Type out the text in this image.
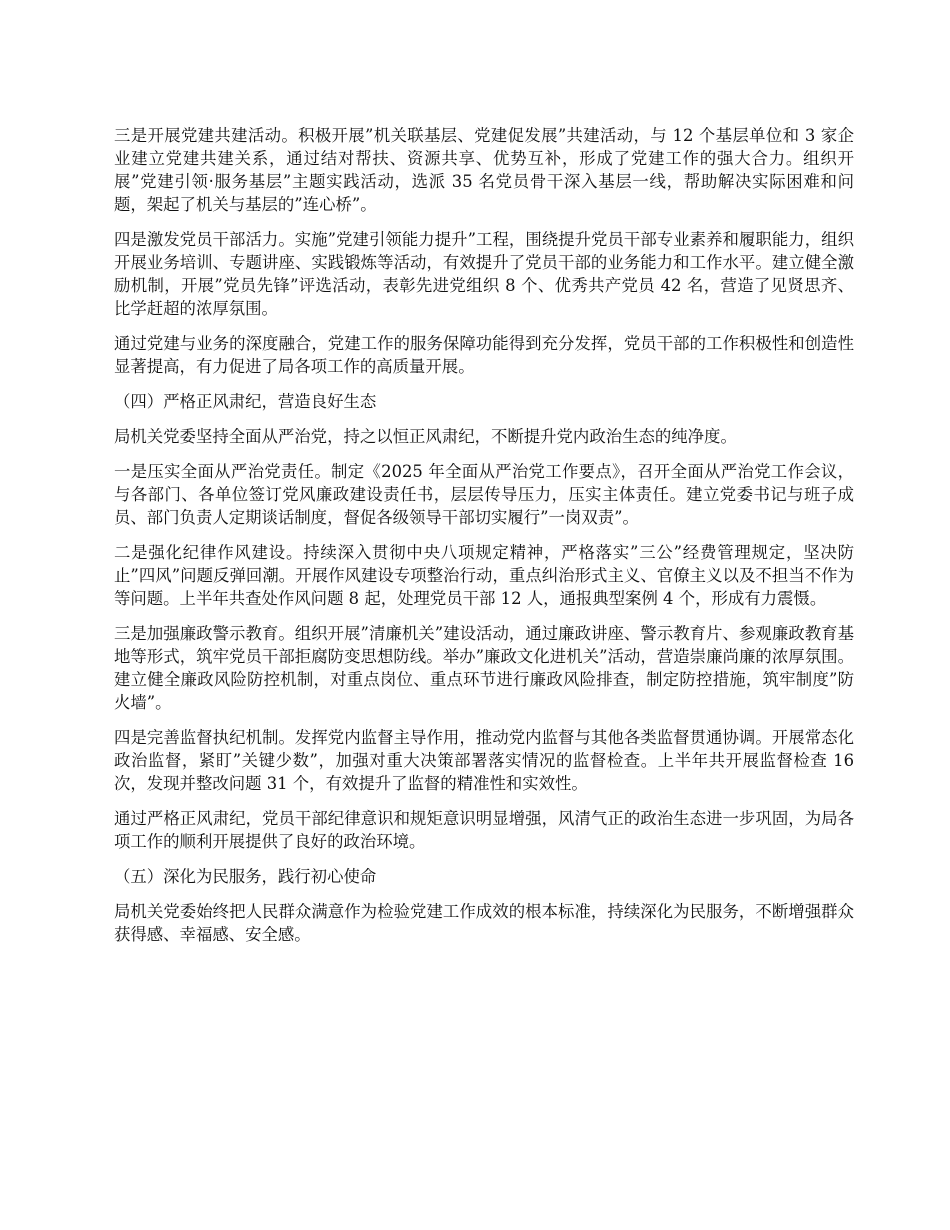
三是开展党建共建活动。积极开展”机关联基层、党建促发展”共建活动，与 12 个基层单位和 3 家企业建立党建共建关系，通过结对帮扶、资源共享、优势互补，形成了党建工作的强大合力。组织开展”党建引领·服务基层”主题实践活动，选派 35 名党员骨干深入基层一线，帮助解决实际困难和问题，架起了机关与基层的”连心桥”。

四是激发党员干部活力。实施”党建引领能力提升”工程，围绕提升党员干部专业素养和履职能力，组织开展业务培训、专题讲座、实践锻炼等活动，有效提升了党员干部的业务能力和工作水平。建立健全激励机制，开展”党员先锋”评选活动，表彰先进党组织 8 个、优秀共产党员 42 名，营造了见贤思齐、比学赶超的浓厚氛围。

通过党建与业务的深度融合，党建工作的服务保障功能得到充分发挥，党员干部的工作积极性和创造性显著提高，有力促进了局各项工作的高质量开展。

（四）严格正风肃纪，营造良好生态

局机关党委坚持全面从严治党，持之以恒正风肃纪，不断提升党内政治生态的纯净度。

一是压实全面从严治党责任。制定《2025 年全面从严治党工作要点》，召开全面从严治党工作会议，与各部门、各单位签订党风廉政建设责任书，层层传导压力，压实主体责任。建立党委书记与班子成员、部门负责人定期谈话制度，督促各级领导干部切实履行”一岗双责”。

二是强化纪律作风建设。持续深入贯彻中央八项规定精神，严格落实”三公”经费管理规定，坚决防止”四风”问题反弹回潮。开展作风建设专项整治行动，重点纠治形式主义、官僚主义以及不担当不作为等问题。上半年共查处作风问题 8 起，处理党员干部 12 人，通报典型案例 4 个，形成有力震慑。

三是加强廉政警示教育。组织开展”清廉机关”建设活动，通过廉政讲座、警示教育片、参观廉政教育基地等形式，筑牢党员干部拒腐防变思想防线。举办”廉政文化进机关”活动，营造崇廉尚廉的浓厚氛围。建立健全廉政风险防控机制，对重点岗位、重点环节进行廉政风险排查，制定防控措施，筑牢制度”防火墙”。

四是完善监督执纪机制。发挥党内监督主导作用，推动党内监督与其他各类监督贯通协调。开展常态化政治监督，紧盯”关键少数”，加强对重大决策部署落实情况的监督检查。上半年共开展监督检查 16 次，发现并整改问题 31 个，有效提升了监督的精准性和实效性。

通过严格正风肃纪，党员干部纪律意识和规矩意识明显增强，风清气正的政治生态进一步巩固，为局各项工作的顺利开展提供了良好的政治环境。

（五）深化为民服务，践行初心使命

局机关党委始终把人民群众满意作为检验党建工作成效的根本标准，持续深化为民服务，不断增强群众获得感、幸福感、安全感。
